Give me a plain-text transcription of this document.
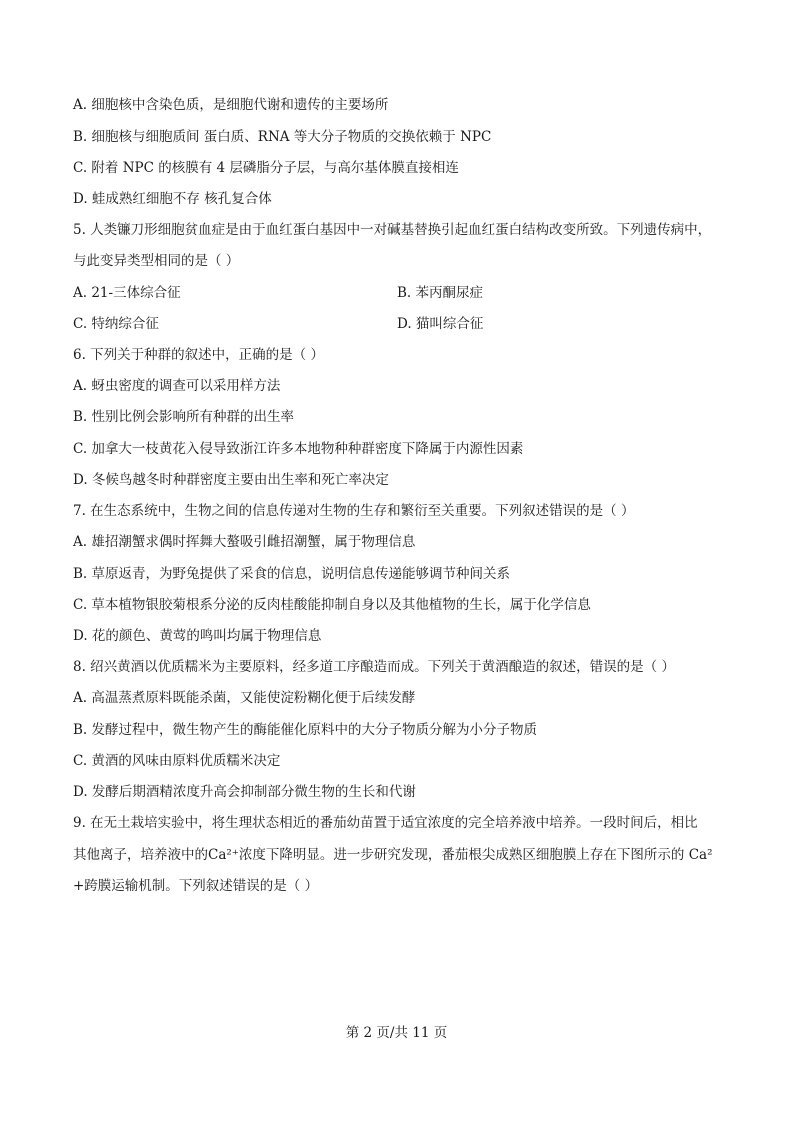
A. 细胞核中含染色质，是细胞代谢和遗传的主要场所
B. 细胞核与细胞质间 蛋白质、RNA 等大分子物质的交换依赖于 NPC
C. 附着 NPC 的核膜有 4 层磷脂分子层，与高尔基体膜直接相连
D. 蛙成熟红细胞不存 核孔复合体
5. 人类镰刀形细胞贫血症是由于血红蛋白基因中一对碱基替换引起血红蛋白结构改变所致。下列遗传病中，
与此变异类型相同的是（ ）
A. 21-三体综合征	B. 苯丙酮尿症
C. 特纳综合征	D. 猫叫综合征
6. 下列关于种群的叙述中，正确的是（ ）
A. 蚜虫密度的调查可以采用样方法
B. 性别比例会影响所有种群的出生率
C. 加拿大一枝黄花入侵导致浙江许多本地物种种群密度下降属于内源性因素
D. 冬候鸟越冬时种群密度主要由出生率和死亡率决定
7. 在生态系统中，生物之间的信息传递对生物的生存和繁衍至关重要。下列叙述错误的是（ ）
A. 雄招潮蟹求偶时挥舞大螯吸引雌招潮蟹，属于物理信息
B. 草原返青，为野兔提供了采食的信息，说明信息传递能够调节种间关系
C. 草本植物银胶菊根系分泌的反肉桂酸能抑制自身以及其他植物的生长，属于化学信息
D. 花的颜色、黄莺的鸣叫均属于物理信息
8. 绍兴黄酒以优质糯米为主要原料，经多道工序酿造而成。下列关于黄酒酿造的叙述，错误的是（ ）
A. 高温蒸煮原料既能杀菌，又能使淀粉糊化便于后续发酵
B. 发酵过程中，微生物产生的酶能催化原料中的大分子物质分解为小分子物质
C. 黄酒的风味由原料优质糯米决定
D. 发酵后期酒精浓度升高会抑制部分微生物的生长和代谢
9. 在无土栽培实验中，将生理状态相近的番茄幼苗置于适宜浓度的完全培养液中培养。一段时间后，相比
其他离子，培养液中的Ca²⁺浓度下降明显。进一步研究发现，番茄根尖成熟区细胞膜上存在下图所示的 Ca²
+跨膜运输机制。下列叙述错误的是（ ）
第 2 页/共 11 页
